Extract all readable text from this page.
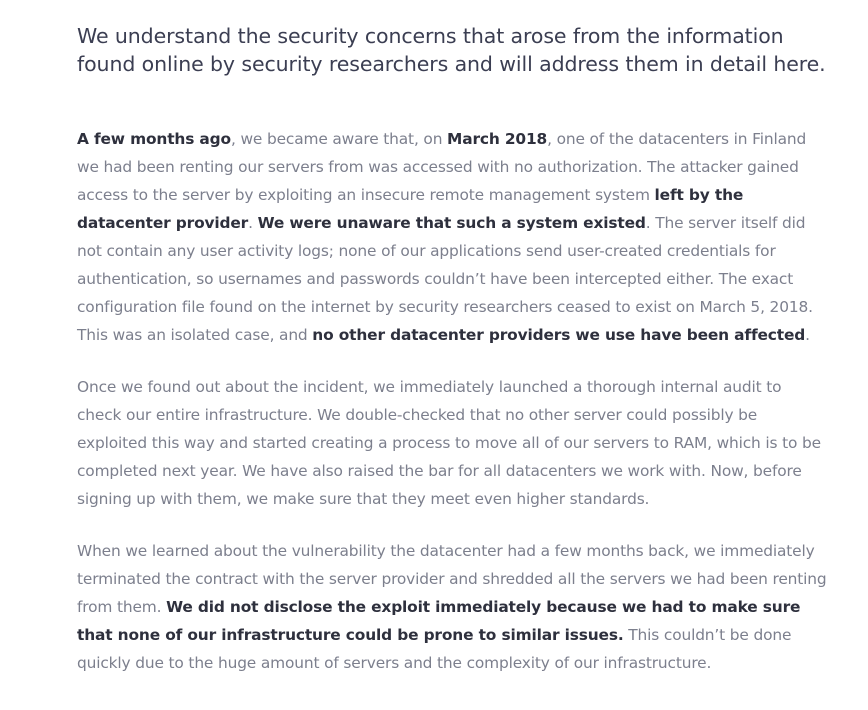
We understand the security concerns that arose from the information found online by security researchers and will address them in detail here.

A few months ago, we became aware that, on March 2018, one of the datacenters in Finland we had been renting our servers from was accessed with no authorization. The attacker gained access to the server by exploiting an insecure remote management system left by the datacenter provider. We were unaware that such a system existed. The server itself did not contain any user activity logs; none of our applications send user-created credentials for authentication, so usernames and passwords couldn’t have been intercepted either. The exact configuration file found on the internet by security researchers ceased to exist on March 5, 2018. This was an isolated case, and no other datacenter providers we use have been affected.

Once we found out about the incident, we immediately launched a thorough internal audit to check our entire infrastructure. We double-checked that no other server could possibly be exploited this way and started creating a process to move all of our servers to RAM, which is to be completed next year. We have also raised the bar for all datacenters we work with. Now, before signing up with them, we make sure that they meet even higher standards.

When we learned about the vulnerability the datacenter had a few months back, we immediately terminated the contract with the server provider and shredded all the servers we had been renting from them. We did not disclose the exploit immediately because we had to make sure that none of our infrastructure could be prone to similar issues. This couldn’t be done quickly due to the huge amount of servers and the complexity of our infrastructure.
